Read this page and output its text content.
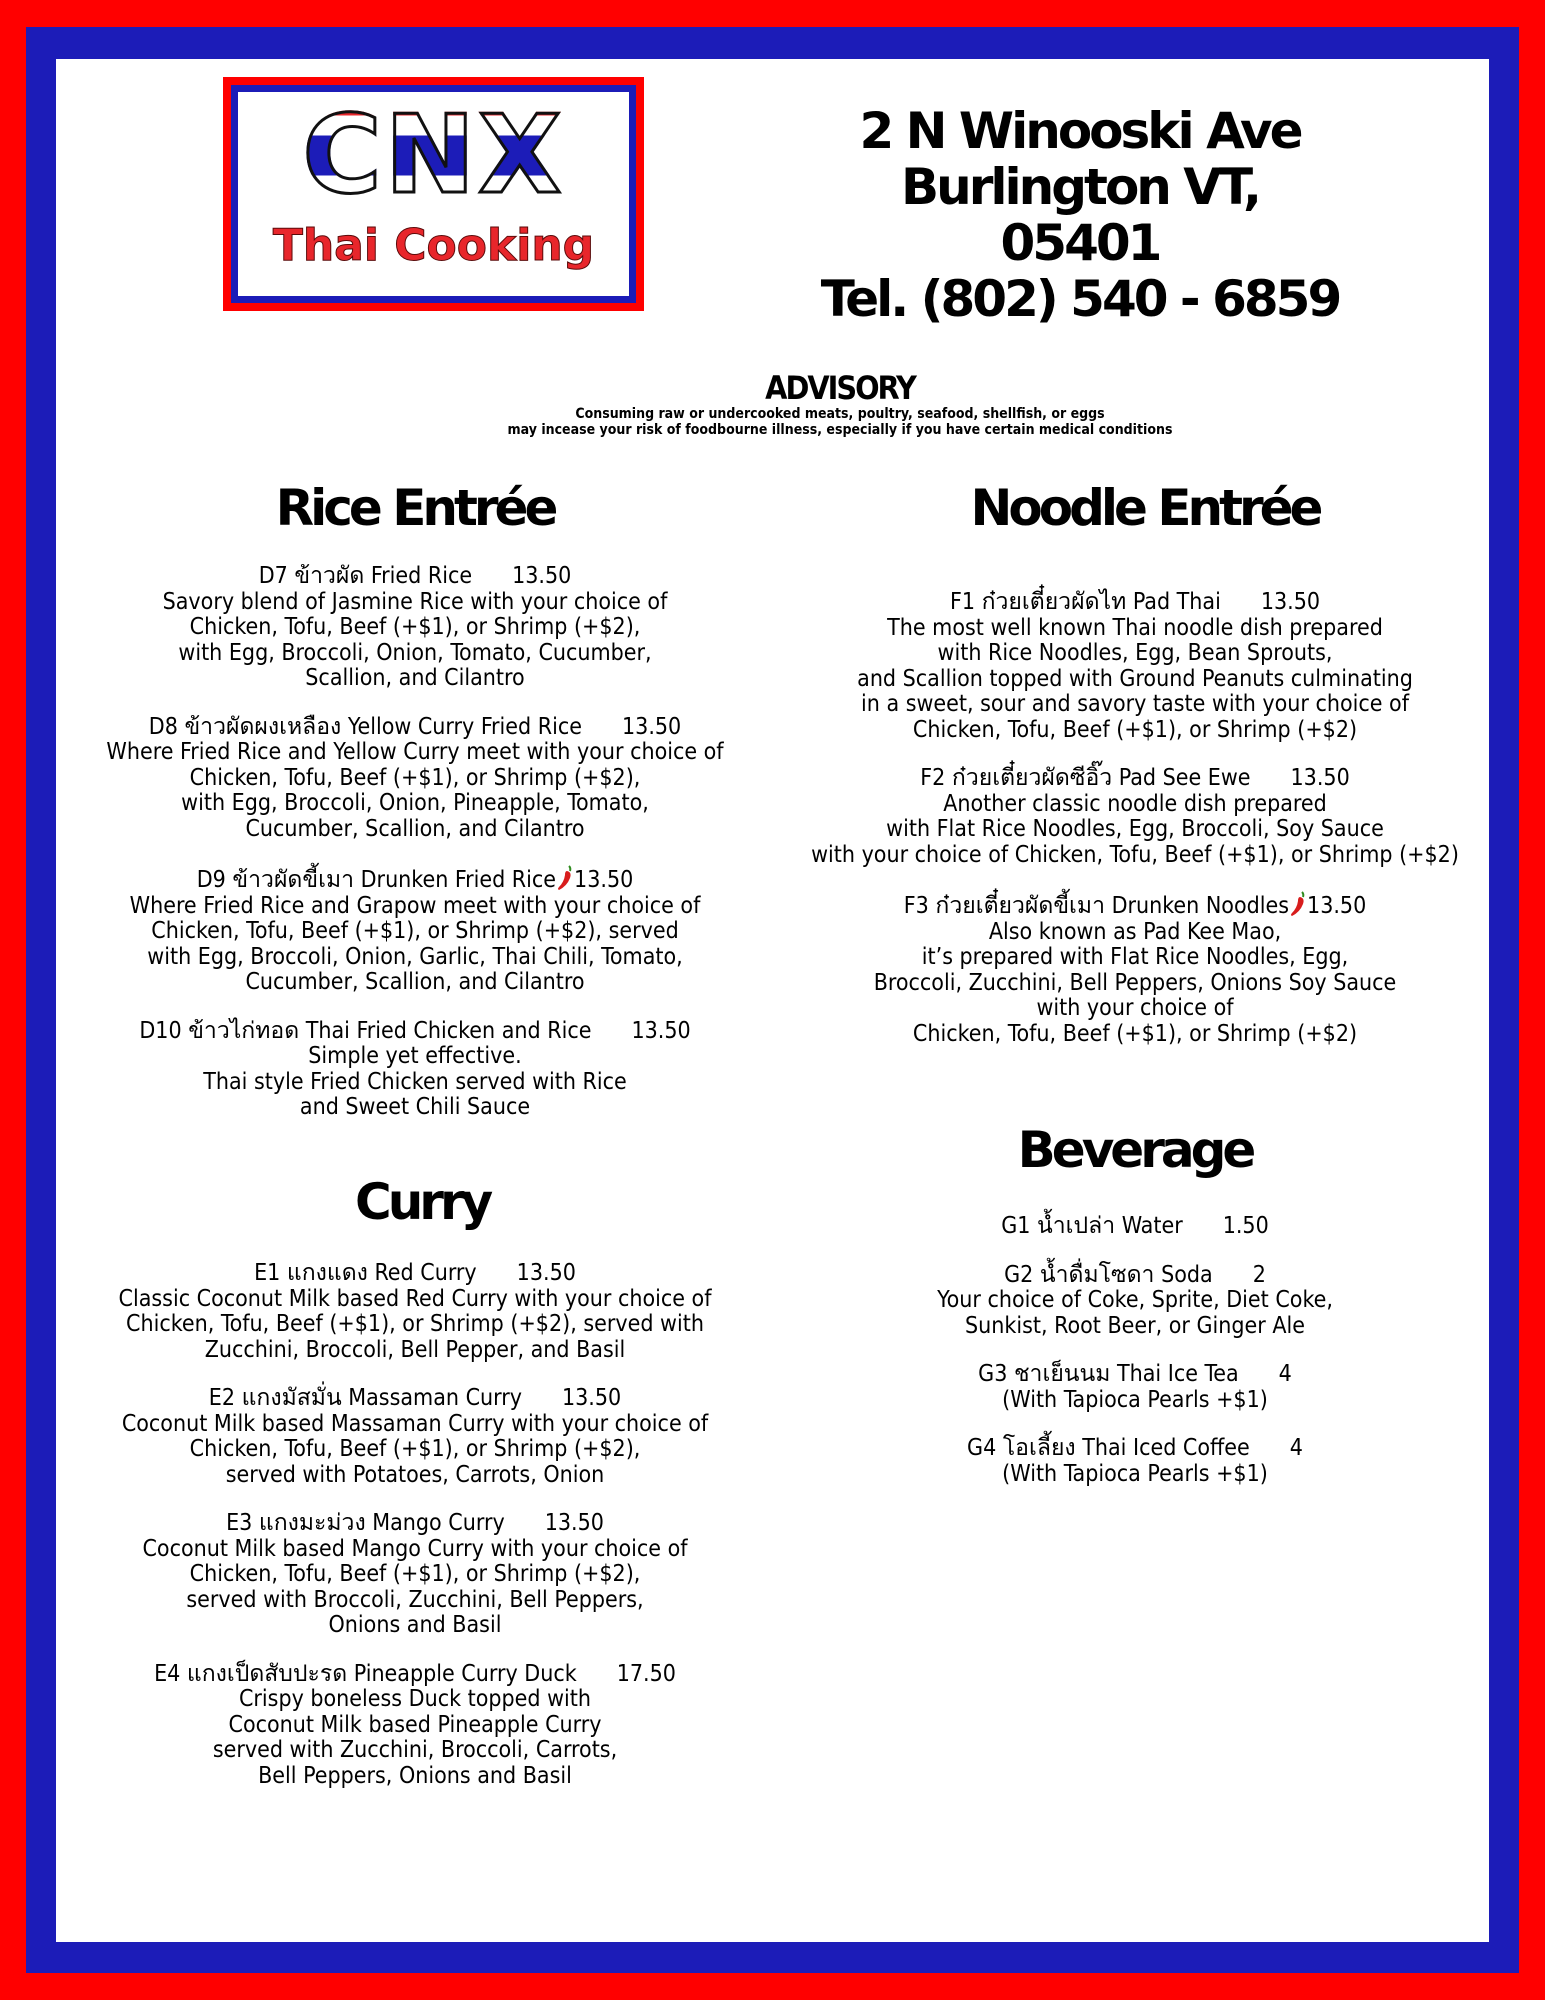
CNX
Thai Cooking
2 N Winooski Ave
Burlington VT, 05401
Tel. (802) 540 - 6859
ADVISORY

Consuming raw or undercooked meats, poultry, seafood, shellfish, or eggs

may incease your risk of foodbourne illness, especially if you have certain medical conditions

Rice Entrée
Curry
Noodle Entrée
Beverage
D7 ข้าวผัด Fried Rice 13.50
Savory blend of Jasmine Rice with your choice of
Chicken, Tofu, Beef (+$1), or Shrimp (+$2),
with Egg, Broccoli, Onion, Tomato, Cucumber,
Scallion, and Cilantro
D8 ข้าวผัดผงเหลือง Yellow Curry Fried Rice 13.50
Where Fried Rice and Yellow Curry meet with your choice of
Chicken, Tofu, Beef (+$1), or Shrimp (+$2),
with Egg, Broccoli, Onion, Pineapple, Tomato,
Cucumber, Scallion, and Cilantro
D9 ข้าวผัดขี้เมา Drunken Fried Rice 13.50
Where Fried Rice and Grapow meet with your choice of
Chicken, Tofu, Beef (+$1), or Shrimp (+$2), served
with Egg, Broccoli, Onion, Garlic, Thai Chili, Tomato,
Cucumber, Scallion, and Cilantro
D10 ข้าวไก่ทอด Thai Fried Chicken and Rice 13.50
Simple yet effective.
Thai style Fried Chicken served with Rice
and Sweet Chili Sauce
E1 แกงแดง Red Curry 13.50
Classic Coconut Milk based Red Curry with your choice of
Chicken, Tofu, Beef (+$1), or Shrimp (+$2), served with
Zucchini, Broccoli, Bell Pepper, and Basil
E2 แกงมัสมั่น Massaman Curry 13.50
Coconut Milk based Massaman Curry with your choice of
Chicken, Tofu, Beef (+$1), or Shrimp (+$2),
served with Potatoes, Carrots, Onion
E3 แกงมะม่วง Mango Curry 13.50
Coconut Milk based Mango Curry with your choice of
Chicken, Tofu, Beef (+$1), or Shrimp (+$2),
served with Broccoli, Zucchini, Bell Peppers,
Onions and Basil
E4 แกงเป็ดสับปะรด Pineapple Curry Duck 17.50
Crispy boneless Duck topped with
Coconut Milk based Pineapple Curry
served with Zucchini, Broccoli, Carrots,
Bell Peppers, Onions and Basil
F1 ก๋วยเตี๋ยวผัดไท Pad Thai 13.50
The most well known Thai noodle dish prepared
with Rice Noodles, Egg, Bean Sprouts,
and Scallion topped with Ground Peanuts culminating
in a sweet, sour and savory taste with your choice of
Chicken, Tofu, Beef (+$1), or Shrimp (+$2)
F2 ก๋วยเตี๋ยวผัดซีอิ๊ว Pad See Ewe 13.50
Another classic noodle dish prepared
with Flat Rice Noodles, Egg, Broccoli, Soy Sauce
with your choice of Chicken, Tofu, Beef (+$1), or Shrimp (+$2)
F3 ก๋วยเตี๋ยวผัดขี้เมา Drunken Noodles 13.50
Also known as Pad Kee Mao,
it’s prepared with Flat Rice Noodles, Egg,
Broccoli, Zucchini, Bell Peppers, Onions Soy Sauce
with your choice of
Chicken, Tofu, Beef (+$1), or Shrimp (+$2)
G1 น้ำเปล่า Water 1.50
G2 น้ำดื่มโซดา Soda 2
Your choice of Coke, Sprite, Diet Coke,
Sunkist, Root Beer, or Ginger Ale
G3 ชาเย็นนม Thai Ice Tea 4
(With Tapioca Pearls +$1)
G4 โอเลี้ยง Thai Iced Coffee 4
(With Tapioca Pearls +$1)
